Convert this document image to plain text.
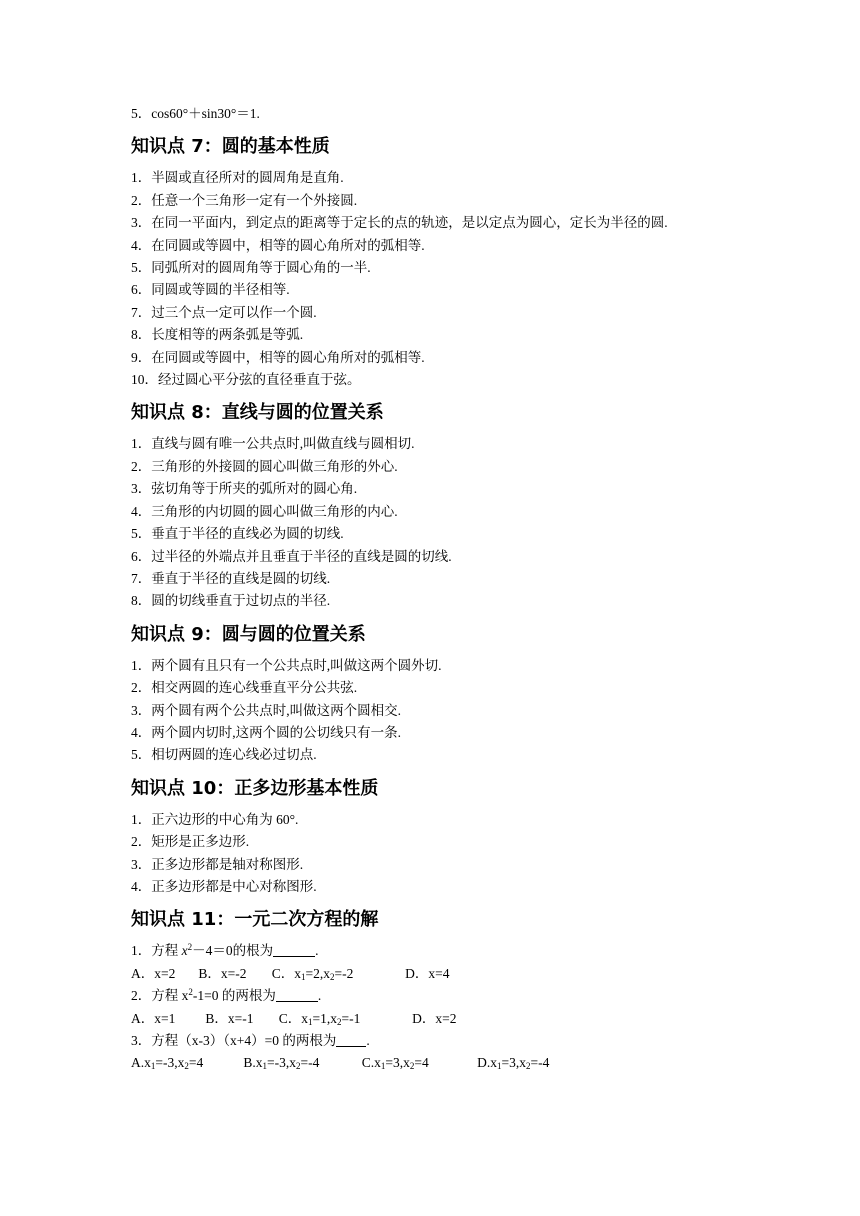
5．cos60°＋sin30°＝1.
知识点 7：圆的基本性质
1．半圆或直径所对的圆周角是直角.
2．任意一个三角形一定有一个外接圆.
3．在同一平面内，到定点的距离等于定长的点的轨迹，是以定点为圆心，定长为半径的圆.
4．在同圆或等圆中，相等的圆心角所对的弧相等.
5．同弧所对的圆周角等于圆心角的一半.
6．同圆或等圆的半径相等.
7．过三个点一定可以作一个圆.
8．长度相等的两条弧是等弧.
9．在同圆或等圆中，相等的圆心角所对的弧相等.
10．经过圆心平分弦的直径垂直于弦。
知识点 8：直线与圆的位置关系
1．直线与圆有唯一公共点时,叫做直线与圆相切.
2．三角形的外接圆的圆心叫做三角形的外心.
3．弦切角等于所夹的弧所对的圆心角.
4．三角形的内切圆的圆心叫做三角形的内心.
5．垂直于半径的直线必为圆的切线.
6．过半径的外端点并且垂直于半径的直线是圆的切线.
7．垂直于半径的直线是圆的切线.
8．圆的切线垂直于过切点的半径.
知识点 9：圆与圆的位置关系
1．两个圆有且只有一个公共点时,叫做这两个圆外切.
2．相交两圆的连心线垂直平分公共弦.
3．两个圆有两个公共点时,叫做这两个圆相交.
4．两个圆内切时,这两个圆的公切线只有一条.
5．相切两圆的连心线必过切点.
知识点 10：正多边形基本性质
1．正六边形的中心角为 60°.
2．矩形是正多边形.
3．正多边形都是轴对称图形.
4．正多边形都是中心对称图形.
知识点 11：一元二次方程的解
1．方程 $x^2-4=0$的根为	.
A．x=2 B．x=-2 C．$x_1=2,x_2=-2$	D．x=4
2．方程 $x^2-1=0$ 的两根为	.
A．x=1 B．x=-1 C．$x_1=1,x_2=-1$	D．x=2
3．方程（x-3）（x+4）=0 的两根为 .
$A.x_1=-3,x_2=4$	$B.x_1=-3,x_2=-4$	$C.x_1=3,x_2=4$	$D.x_1=3,x_2=-4$
